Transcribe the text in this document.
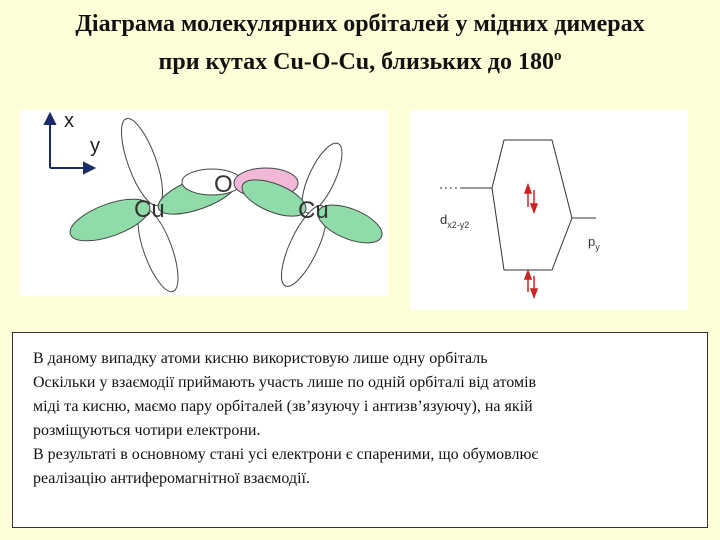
Діаграма молекулярних орбіталей у мідних димерах
при кутах Cu-O-Cu, близьких до 180$^o$
x
y
Cu
O
Cu	$d_{x2-y2}$
$p_y$
В даному випадку атоми кисню використовую лише одну орбіталь
Оскільки у взаємодії приймають участь лише по одній орбіталі від атомів
міді та кисню, маємо пару орбіталей (зв’язуючу і антизв’язуючу), на якій
розміщуються чотири електрони.
В результаті в основному стані усі електрони є спареними, що обумовлює
реалізацію антиферомагнітної взаємодії.
